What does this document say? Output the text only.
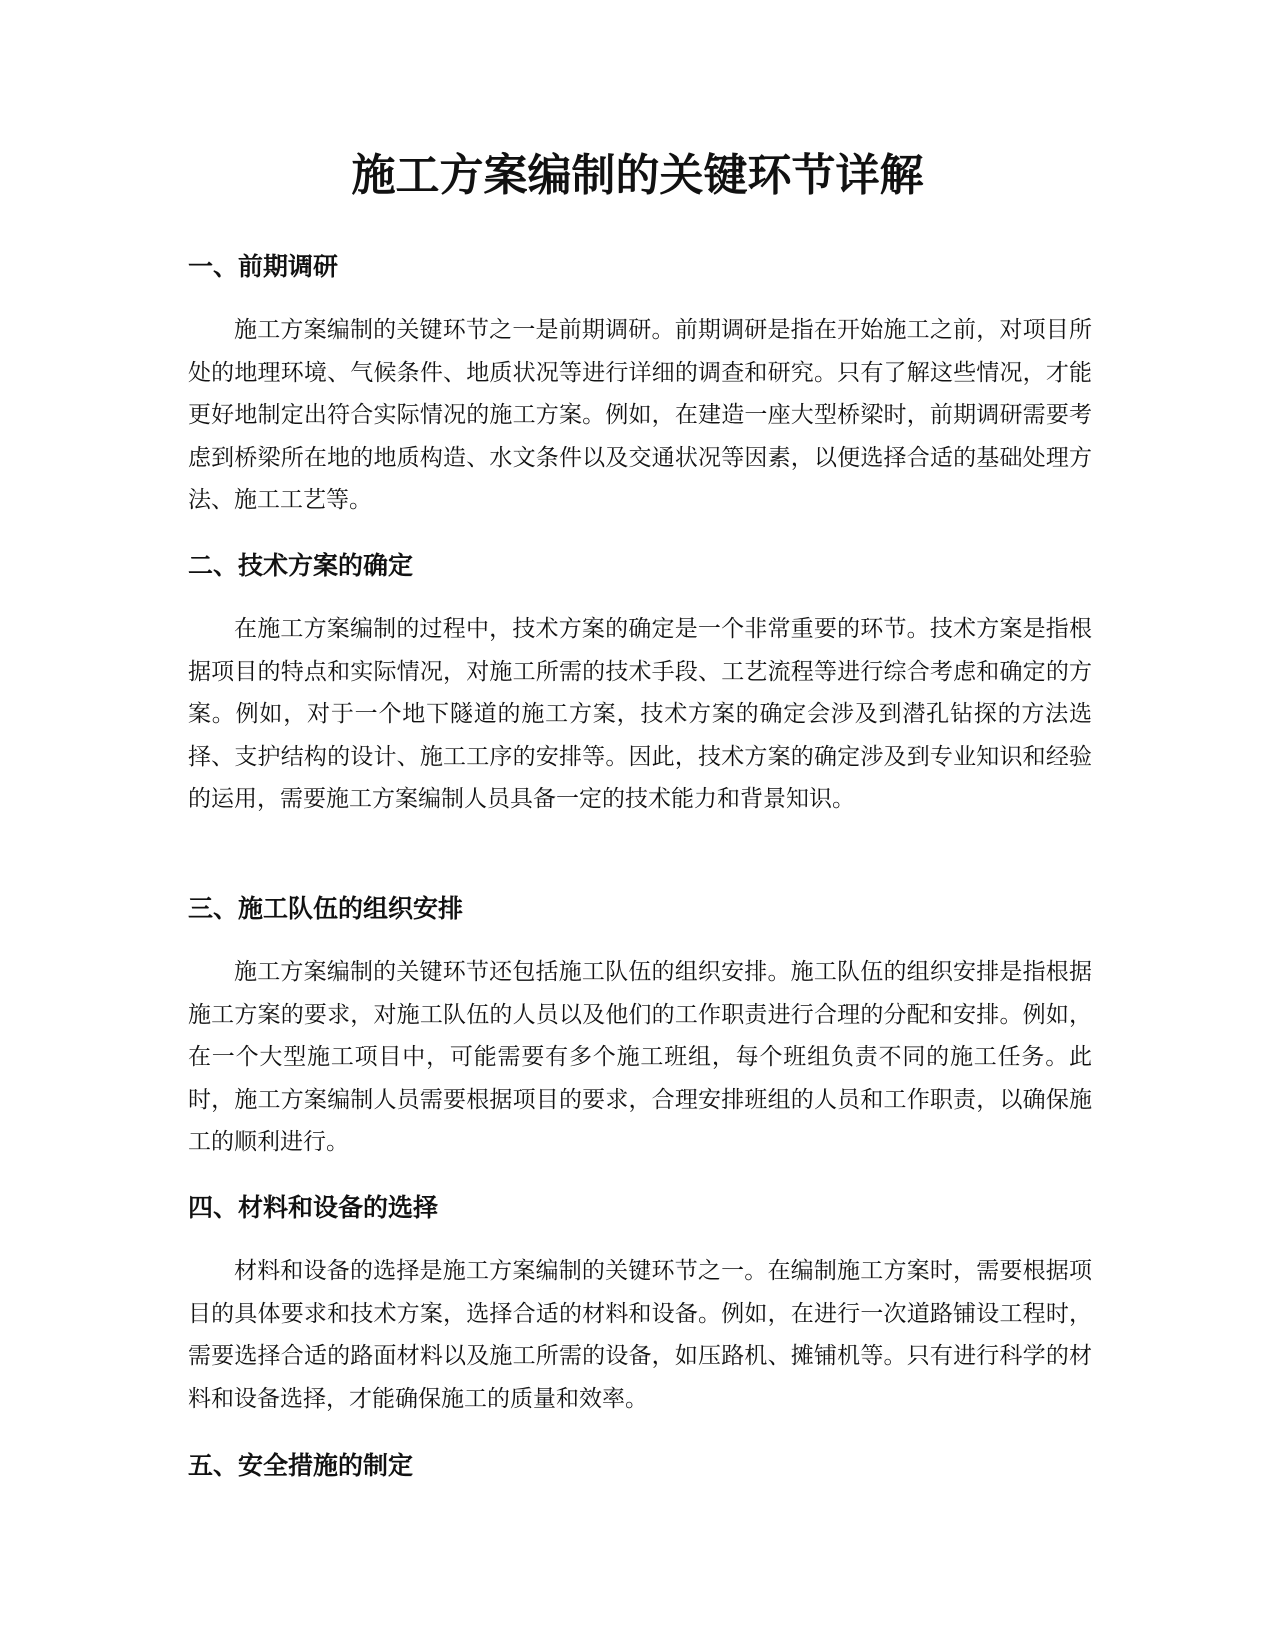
施工方案编制的关键环节详解
一、前期调研

施工方案编制的关键环节之一是前期调研。前期调研是指在开始施工之前，对项目所处的地理环境、气候条件、地质状况等进行详细的调查和研究。只有了解这些情况，才能更好地制定出符合实际情况的施工方案。例如，在建造一座大型桥梁时，前期调研需要考虑到桥梁所在地的地质构造、水文条件以及交通状况等因素，以便选择合适的基础处理方法、施工工艺等。

二、技术方案的确定

在施工方案编制的过程中，技术方案的确定是一个非常重要的环节。技术方案是指根据项目的特点和实际情况，对施工所需的技术手段、工艺流程等进行综合考虑和确定的方案。例如，对于一个地下隧道的施工方案，技术方案的确定会涉及到潜孔钻探的方法选择、支护结构的设计、施工工序的安排等。因此，技术方案的确定涉及到专业知识和经验的运用，需要施工方案编制人员具备一定的技术能力和背景知识。

三、施工队伍的组织安排

施工方案编制的关键环节还包括施工队伍的组织安排。施工队伍的组织安排是指根据施工方案的要求，对施工队伍的人员以及他们的工作职责进行合理的分配和安排。例如，在一个大型施工项目中，可能需要有多个施工班组，每个班组负责不同的施工任务。此时，施工方案编制人员需要根据项目的要求，合理安排班组的人员和工作职责，以确保施工的顺利进行。

四、材料和设备的选择

材料和设备的选择是施工方案编制的关键环节之一。在编制施工方案时，需要根据项目的具体要求和技术方案，选择合适的材料和设备。例如，在进行一次道路铺设工程时，需要选择合适的路面材料以及施工所需的设备，如压路机、摊铺机等。只有进行科学的材料和设备选择，才能确保施工的质量和效率。

五、安全措施的制定
